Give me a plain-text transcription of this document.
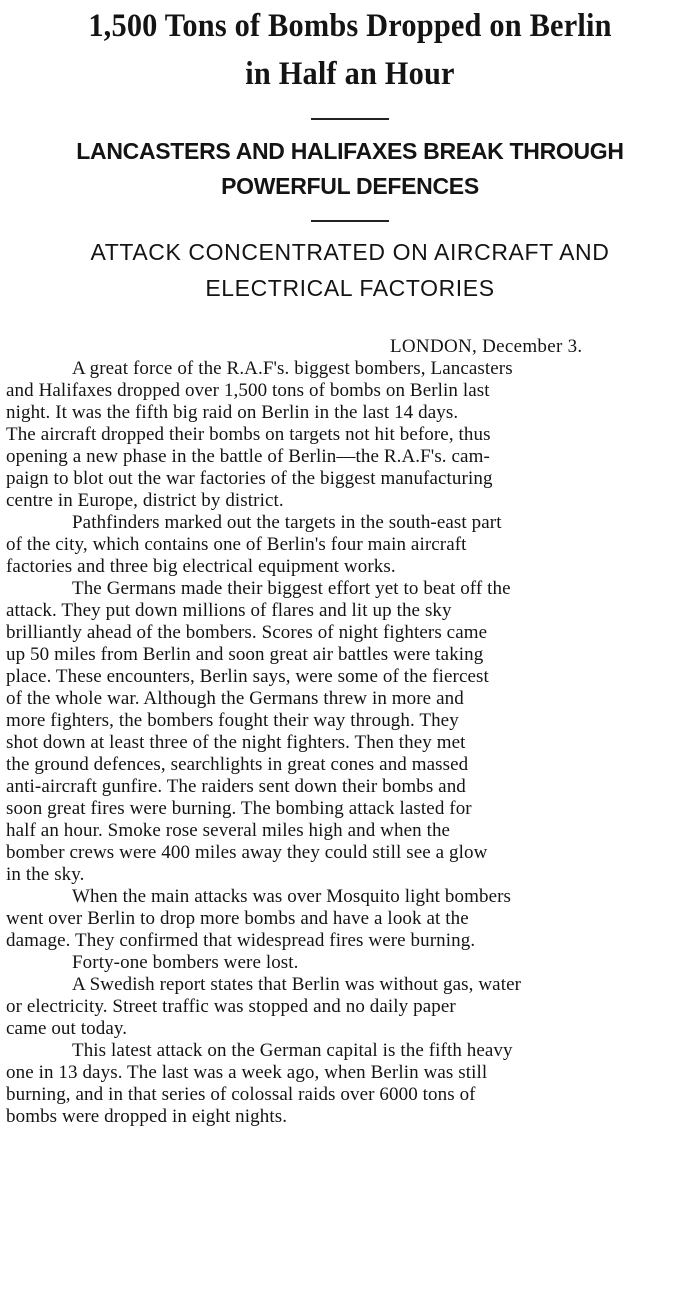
1,500 Tons of Bombs Dropped on Berlin
in Half an Hour
LANCASTERS AND HALIFAXES BREAK THROUGH
POWERFUL DEFENCES
ATTACK CONCENTRATED ON AIRCRAFT AND
ELECTRICAL FACTORIES
LONDON, December 3.
A great force of the R.A.F's. biggest bombers, Lancasters
and Halifaxes dropped over 1,500 tons of bombs on Berlin last
night. It was the fifth big raid on Berlin in the last 14 days.
The aircraft dropped their bombs on targets not hit before, thus
opening a new phase in the battle of Berlin—the R.A.F's. cam-
paign to blot out the war factories of the biggest manufacturing
centre in Europe, district by district.
Pathfinders marked out the targets in the south-east part
of the city, which contains one of Berlin's four main aircraft
factories and three big electrical equipment works.
The Germans made their biggest effort yet to beat off the
attack. They put down millions of flares and lit up the sky
brilliantly ahead of the bombers. Scores of night fighters came
up 50 miles from Berlin and soon great air battles were taking
place. These encounters, Berlin says, were some of the fiercest
of the whole war. Although the Germans threw in more and
more fighters, the bombers fought their way through. They
shot down at least three of the night fighters. Then they met
the ground defences, searchlights in great cones and massed
anti-aircraft gunfire. The raiders sent down their bombs and
soon great fires were burning. The bombing attack lasted for
half an hour. Smoke rose several miles high and when the
bomber crews were 400 miles away they could still see a glow
in the sky.
When the main attacks was over Mosquito light bombers
went over Berlin to drop more bombs and have a look at the
damage. They confirmed that widespread fires were burning.
Forty-one bombers were lost.
A Swedish report states that Berlin was without gas, water
or electricity. Street traffic was stopped and no daily paper
came out today.
This latest attack on the German capital is the fifth heavy
one in 13 days. The last was a week ago, when Berlin was still
burning, and in that series of colossal raids over 6000 tons of
bombs were dropped in eight nights.
